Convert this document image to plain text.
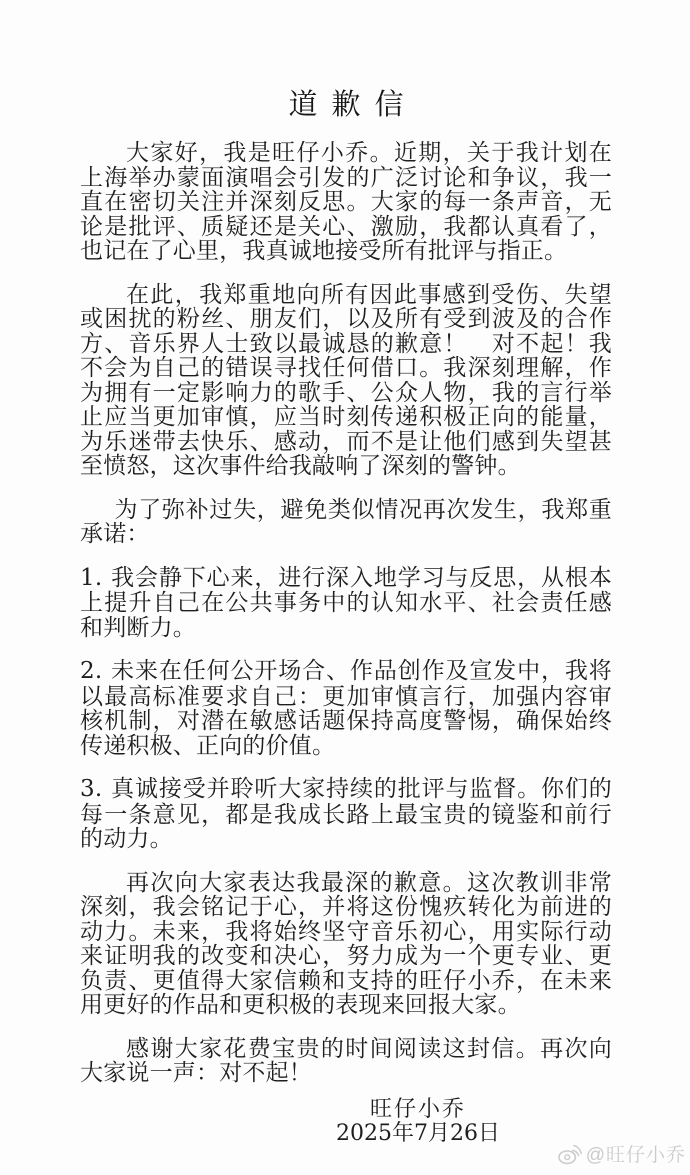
道歉信

大家好，我是旺仔小乔。近期，关于我计划在上海举办蒙面演唱会引发的广泛讨论和争议，我一直在密切关注并深刻反思。大家的每一条声音，无论是批评、质疑还是关心、激励，我都认真看了，也记在了心里，我真诚地接受所有批评与指正。

在此，我郑重地向所有因此事感到受伤、失望或困扰的粉丝、朋友们，以及所有受到波及的合作方、音乐界人士致以最诚恳的歉意！　对不起！我不会为自己的错误寻找任何借口。我深刻理解，作为拥有一定影响力的歌手、公众人物，我的言行举止应当更加审慎，应当时刻传递积极正向的能量，为乐迷带去快乐、感动，而不是让他们感到失望甚至愤怒，这次事件给我敲响了深刻的警钟。

为了弥补过失，避免类似情况再次发生，我郑重承诺：

1. 我会静下心来，进行深入地学习与反思，从根本上提升自己在公共事务中的认知水平、社会责任感和判断力。

2. 未来在任何公开场合、作品创作及宣发中，我将以最高标准要求自己：更加审慎言行，加强内容审核机制，对潜在敏感话题保持高度警惕，确保始终传递积极、正向的价值。

3. 真诚接受并聆听大家持续的批评与监督。你们的每一条意见，都是我成长路上最宝贵的镜鉴和前行的动力。

再次向大家表达我最深的歉意。这次教训非常深刻，我会铭记于心，并将这份愧疚转化为前进的动力。未来，我将始终坚守音乐初心，用实际行动来证明我的改变和决心，努力成为一个更专业、更负责、更值得大家信赖和支持的旺仔小乔，在未来用更好的作品和更积极的表现来回报大家。

感谢大家花费宝贵的时间阅读这封信。再次向大家说一声：对不起！

旺仔小乔
2025年7月26日
@旺仔小乔
